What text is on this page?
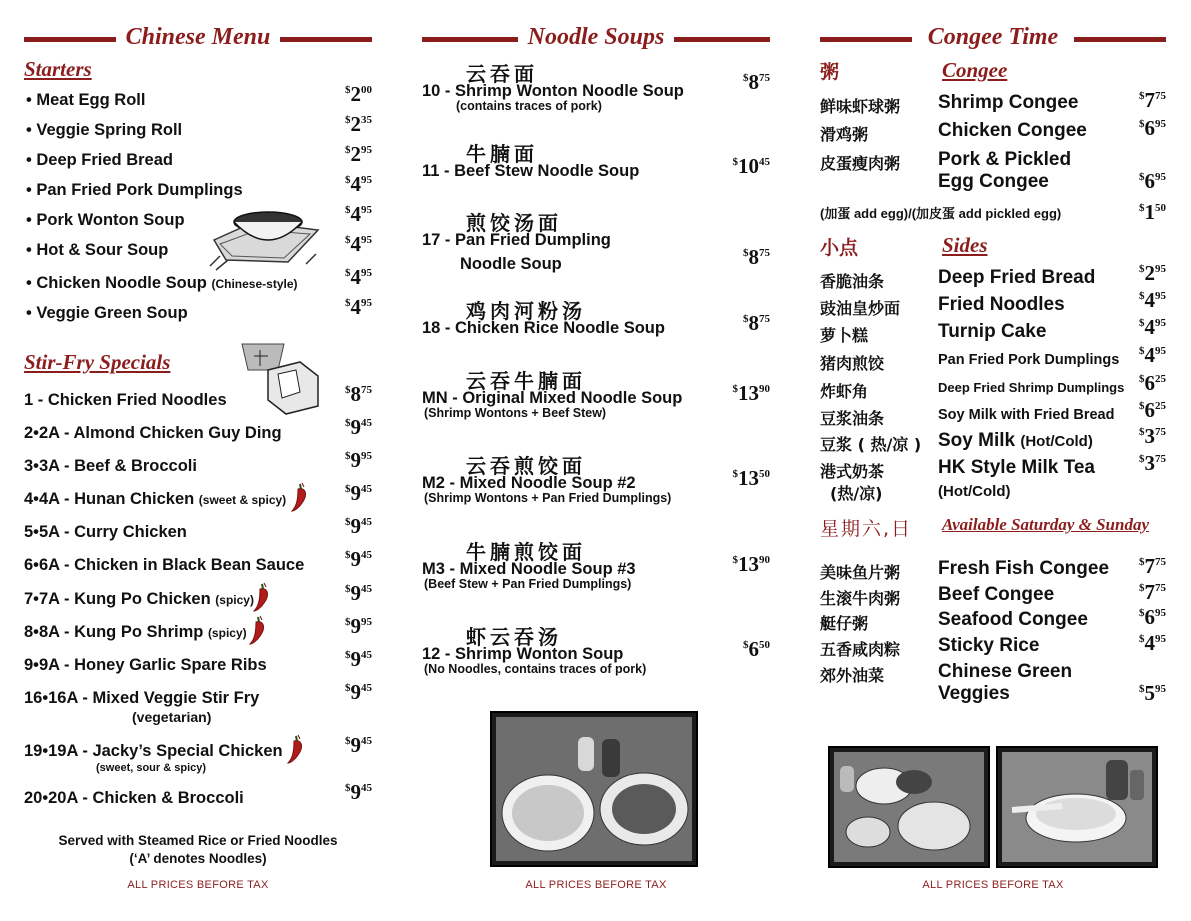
Chinese Menu
Starters
• Meat Egg Roll
$^{\$}2^{00}$
• Veggie Spring Roll
$^{\$}2^{35}$
• Deep Fried Bread
$^{\$}2^{95}$
• Pan Fried Pork Dumplings
$^{\$}4^{95}$
• Pork Wonton Soup
$^{\$}4^{95}$
• Hot & Sour Soup
$^{\$}4^{95}$
• Chicken Noodle Soup (Chinese-style)
$^{\$}4^{95}$
• Veggie Green Soup
$^{\$}4^{95}$
Stir-Fry Specials
1 - Chicken Fried Noodles
$^{\$}8^{75}$
2•2A - Almond Chicken Guy Ding
$^{\$}9^{45}$
3•3A - Beef & Broccoli
$^{\$}9^{95}$
4•4A - Hunan Chicken (sweet & spicy)
$^{\$}9^{45}$
5•5A - Curry Chicken
$^{\$}9^{45}$
6•6A - Chicken in Black Bean Sauce
$^{\$}9^{45}$
7•7A - Kung Po Chicken (spicy)
$^{\$}9^{45}$
8•8A - Kung Po Shrimp (spicy)
$^{\$}9^{95}$
9•9A - Honey Garlic Spare Ribs
$^{\$}9^{45}$
16•16A - Mixed Veggie Stir Fry
(vegetarian)
$^{\$}9^{45}$
19•19A - Jacky’s Special Chicken
(sweet, sour & spicy)
$^{\$}9^{45}$
20•20A - Chicken & Broccoli
$^{\$}9^{45}$
Served with Steamed Rice or Fried Noodles
(‘A’ denotes Noodles)
ALL PRICES BEFORE TAX
Noodle Soups
云吞面
10 - Shrimp Wonton Noodle Soup
(contains traces of pork)
$^{\$}8^{75}$
牛腩面
11 - Beef Stew Noodle Soup	$^{\$}10^{45}$
煎饺汤面
17 - Pan Fried Dumpling
Noodle Soup
$^{\$}8^{75}$
鸡肉河粉汤
18 - Chicken Rice Noodle Soup	$^{\$}8^{75}$
云吞牛腩面
MN - Original Mixed Noodle Soup
(Shrimp Wontons + Beef Stew)
$^{\$}13^{90}$
云吞煎饺面
M2 - Mixed Noodle Soup #2
(Shrimp Wontons + Pan Fried Dumplings)
$^{\$}13^{50}$
牛腩煎饺面
M3 - Mixed Noodle Soup #3
(Beef Stew + Pan Fried Dumplings)
$^{\$}13^{90}$
虾云吞汤
12 - Shrimp Wonton Soup
(No Noodles, contains traces of pork)
$^{\$}6^{50}$
ALL PRICES BEFORE TAX
Congee Time
粥	Congee
鲜味虾球粥 Shrimp Congee	$^{\$}7^{75}$
滑鸡粥	Chicken Congee	$^{\$}6^{95}$
皮蛋瘦肉粥 Pork & Pickled
Egg Congee	$^{\$}6^{95}$
(加蛋 add egg)/(加皮蛋 add pickled egg)	$^{\$}1^{50}$
小点	Sides
香脆油条	Deep Fried Bread	$^{\$}2^{95}$
豉油皇炒面 Fried Noodles	$^{\$}4^{95}$
萝卜糕	Turnip Cake	$^{\$}4^{95}$
猪肉煎饺	Pan Fried Pork Dumplings
$^{\$}4^{95}$
炸虾角	Deep Fried Shrimp Dumplings
$^{\$}6^{25}$
豆浆油条	Soy Milk with Fried Bread
$^{\$}6^{25}$
豆浆 ( 热/凉 ) Soy Milk (Hot/Cold)
$^{\$}3^{75}$
港式奶茶	HK Style Milk Tea
(热/凉)	(Hot/Cold)
$^{\$}3^{75}$
星期六,日 Available Saturday & Sunday
美味鱼片粥 Fresh Fish Congee	$^{\$}7^{75}$
生滚牛肉粥 Beef Congee	$^{\$}7^{75}$
艇仔粥	Seafood Congee	$^{\$}6^{95}$
五香咸肉粽 Sticky Rice	$^{\$}4^{95}$
郊外油菜	Chinese Green
Veggies	$^{\$}5^{95}$
ALL PRICES BEFORE TAX
